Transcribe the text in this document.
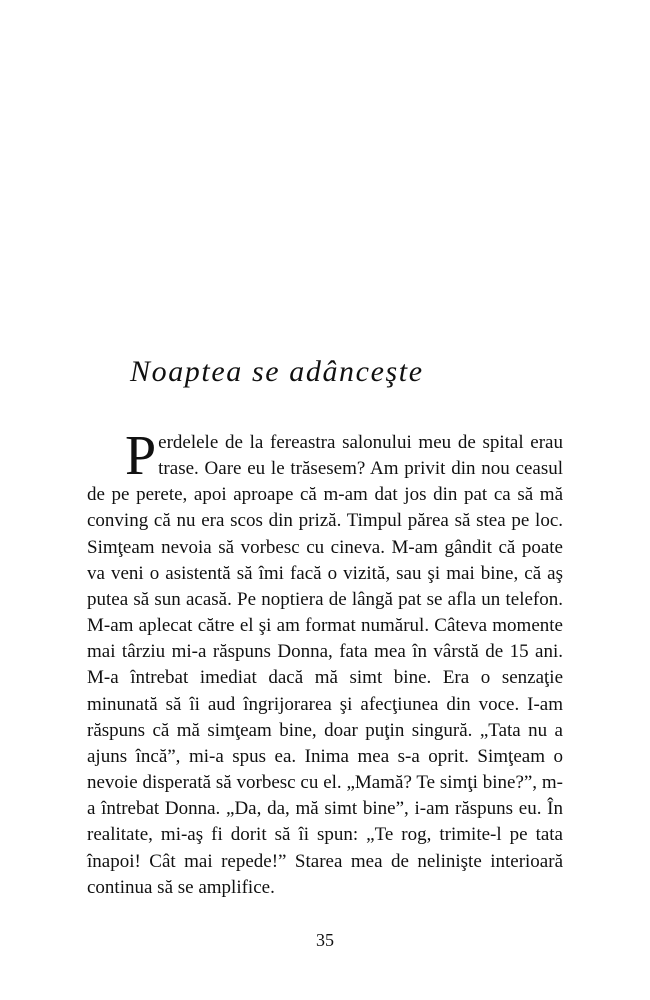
Noaptea se adânceşte

Perdelele de la fereastra salonului meu de spital erau trase. Oare eu le trăsesem? Am privit din nou ceasul de pe perete, apoi aproape că m-am dat jos din pat ca să mă conving că nu era scos din priză. Timpul părea să stea pe loc. Simţeam nevoia să vorbesc cu cineva. M-am gândit că poate va veni o asistentă să îmi facă o vizită, sau şi mai bine, că aş putea să sun acasă. Pe noptiera de lângă pat se afla un telefon. M-am aplecat către el şi am format numărul. Câteva momente mai târziu mi-a răspuns Donna, fata mea în vârstă de 15 ani. M-a întrebat imediat dacă mă simt bine. Era o senzaţie minunată să îi aud îngrijorarea şi afecţiunea din voce. I-am răspuns că mă simţeam bine, doar puţin singură. „Tata nu a ajuns încă”, mi-a spus ea. Inima mea s-a oprit. Simţeam o nevoie disperată să vorbesc cu el. „Mamă? Te simţi bine?”, m-a întrebat Donna. „Da, da, mă simt bine”, i-am răspuns eu. În realitate, mi-aş fi dorit să îi spun: „Te rog, trimite-l pe tata înapoi! Cât mai repede!” Starea mea de nelinişte interioară continua să se amplifice.

35
